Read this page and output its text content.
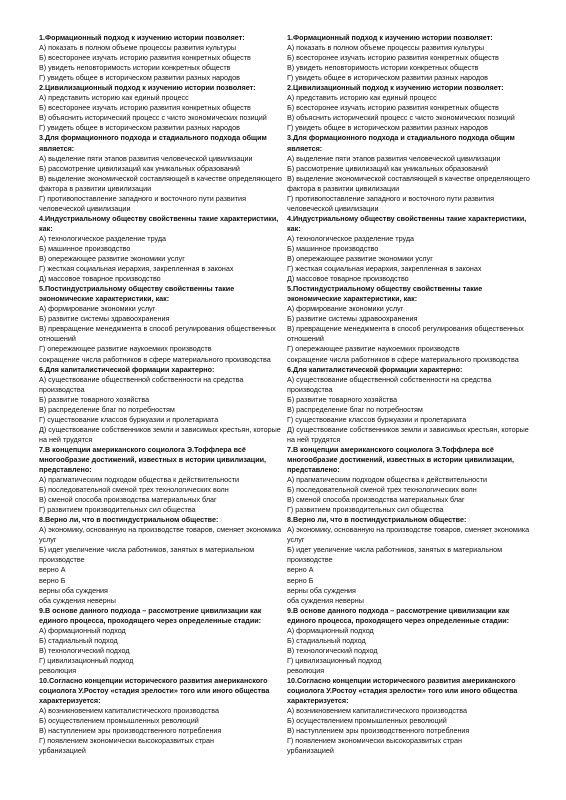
1.Формационный подход к изучению истории позволяет:
А) показать в полном объеме процессы развития культуры
Б) всесторонее изучать историю развития конкретных обществ
В) увидеть неповторимость истории конкретных обществ
Г) увидеть общее в историческом развитии разных народов
2.Цивилизационный подход к изучению истории позволяет:
А) представить историю как единый процесс
Б) всесторонее изучать историю развития конкретных обществ
В) объяснить исторический процесс с чисто экономических позиций
Г) увидеть общее в историческом развитии разных народов
3.Для формационного подхода и стадиального подхода общим является:
А) выделение пяти этапов развития человеческой цивилизации
Б) рассмотрение цивилизаций как уникальных образований
В) выделение экономической составляющей в качестве определяющего фактора в развитии цивилизации
Г) противопоставление западного и восточного пути развития человеческой цивилизации
4.Индустриальному обществу свойственны такие характеристики, как:
А) технологическое разделение труда
Б) машинное производство
В) опережающее развитие экономики услуг
Г) жесткая социальная иерархия, закрепленная в законах
Д) массовое товарное производство
5.Постиндустриальному обществу свойственны такие экономические характеристики, как:
А) формирование экономики услуг
Б) развитие системы здравоохранения
В) превращение менеджмента в способ регулирования общественных отношений
Г) опережающее развитие наукоемких производств
сокращение числа работников в сфере материального производства
6.Для капиталистической формации характерно:
А) существование общественной собственности на средства производства
Б) развитие товарного хозяйства
В) распределение благ по потребностям
Г) существование классов буржуазии и пролетариата
Д) существование собственников земли и зависимых крестьян, которые на ней трудятся
7.В концепции американского социолога Э.Тоффлера всё многообразие достижений, известных в истории цивилизации, представлено:
А) прагматическим подходом общества к действительности
Б) последовательной сменой трех технологических волн
В) сменой способа производства материальных благ
Г) развитием производительных сил общества
8.Верно ли, что в постиндустриальном обществе:
А) экономику, основанную на производстве товаров, сменяет экономика услуг
Б) идет увеличение числа работников, занятых в материальном производстве
верно А
верно Б
верны оба суждения
оба суждения неверны
9.В основе данного подхода – рассмотрение цивилизации как единого процесса, проходящего через определенные стадии:
А) формационный подход
Б) стадиальный подход
В) технологический подход
Г) цивилизационный подход
революция
10.Согласно концепции исторического развития американского социолога У.Ростоу «стадия зрелости» того или иного общества характеризуется:
А) возникновением капиталистического производства
Б) осуществлением промышленных революций
В) наступлением эры производственного потребления
Г) появлением экономически высокоразвитых стран
урбанизацией
1.Формационный подход к изучению истории позволяет:
А) показать в полном объеме процессы развития культуры
Б) всесторонее изучать историю развития конкретных обществ
В) увидеть неповторимость истории конкретных обществ
Г) увидеть общее в историческом развитии разных народов
2.Цивилизационный подход к изучению истории позволяет:
А) представить историю как единый процесс
Б) всесторонее изучать историю развития конкретных обществ
В) объяснить исторический процесс с чисто экономических позиций
Г) увидеть общее в историческом развитии разных народов
3.Для формационного подхода и стадиального подхода общим является:
А) выделение пяти этапов развития человеческой цивилизации
Б) рассмотрение цивилизаций как уникальных образований
В) выделение экономической составляющей в качестве определяющего фактора в развитии цивилизации
Г) противопоставление западного и восточного пути развития человеческой цивилизации
4.Индустриальному обществу свойственны такие характеристики, как:
А) технологическое разделение труда
Б) машинное производство
В) опережающее развитие экономики услуг
Г) жесткая социальная иерархия, закрепленная в законах
Д) массовое товарное производство
5.Постиндустриальному обществу свойственны такие экономические характеристики, как:
А) формирование экономики услуг
Б) развитие системы здравоохранения
В) превращение менеджмента в способ регулирования общественных отношений
Г) опережающее развитие наукоемких производств
сокращение числа работников в сфере материального производства
6.Для капиталистической формации характерно:
А) существование общественной собственности на средства производства
Б) развитие товарного хозяйства
В) распределение благ по потребностям
Г) существование классов буржуазии и пролетариата
Д) существование собственников земли и зависимых крестьян, которые на ней трудятся
7.В концепции американского социолога Э.Тоффлера всё многообразие достижений, известных в истории цивилизации, представлено:
А) прагматическим подходом общества к действительности
Б) последовательной сменой трех технологических волн
В) сменой способа производства материальных благ
Г) развитием производительных сил общества
8.Верно ли, что в постиндустриальном обществе:
А) экономику, основанную на производстве товаров, сменяет экономика услуг
Б) идет увеличение числа работников, занятых в материальном производстве
верно А
верно Б
верны оба суждения
оба суждения неверны
9.В основе данного подхода – рассмотрение цивилизации как единого процесса, проходящего через определенные стадии:
А) формационный подход
Б) стадиальный подход
В) технологический подход
Г) цивилизационный подход
революция
10.Согласно концепции исторического развития американского социолога У.Ростоу «стадия зрелости» того или иного общества характеризуется:
А) возникновением капиталистического производства
Б) осуществлением промышленных революций
В) наступлением эры производственного потребления
Г) появлением экономически высокоразвитых стран
урбанизацией
